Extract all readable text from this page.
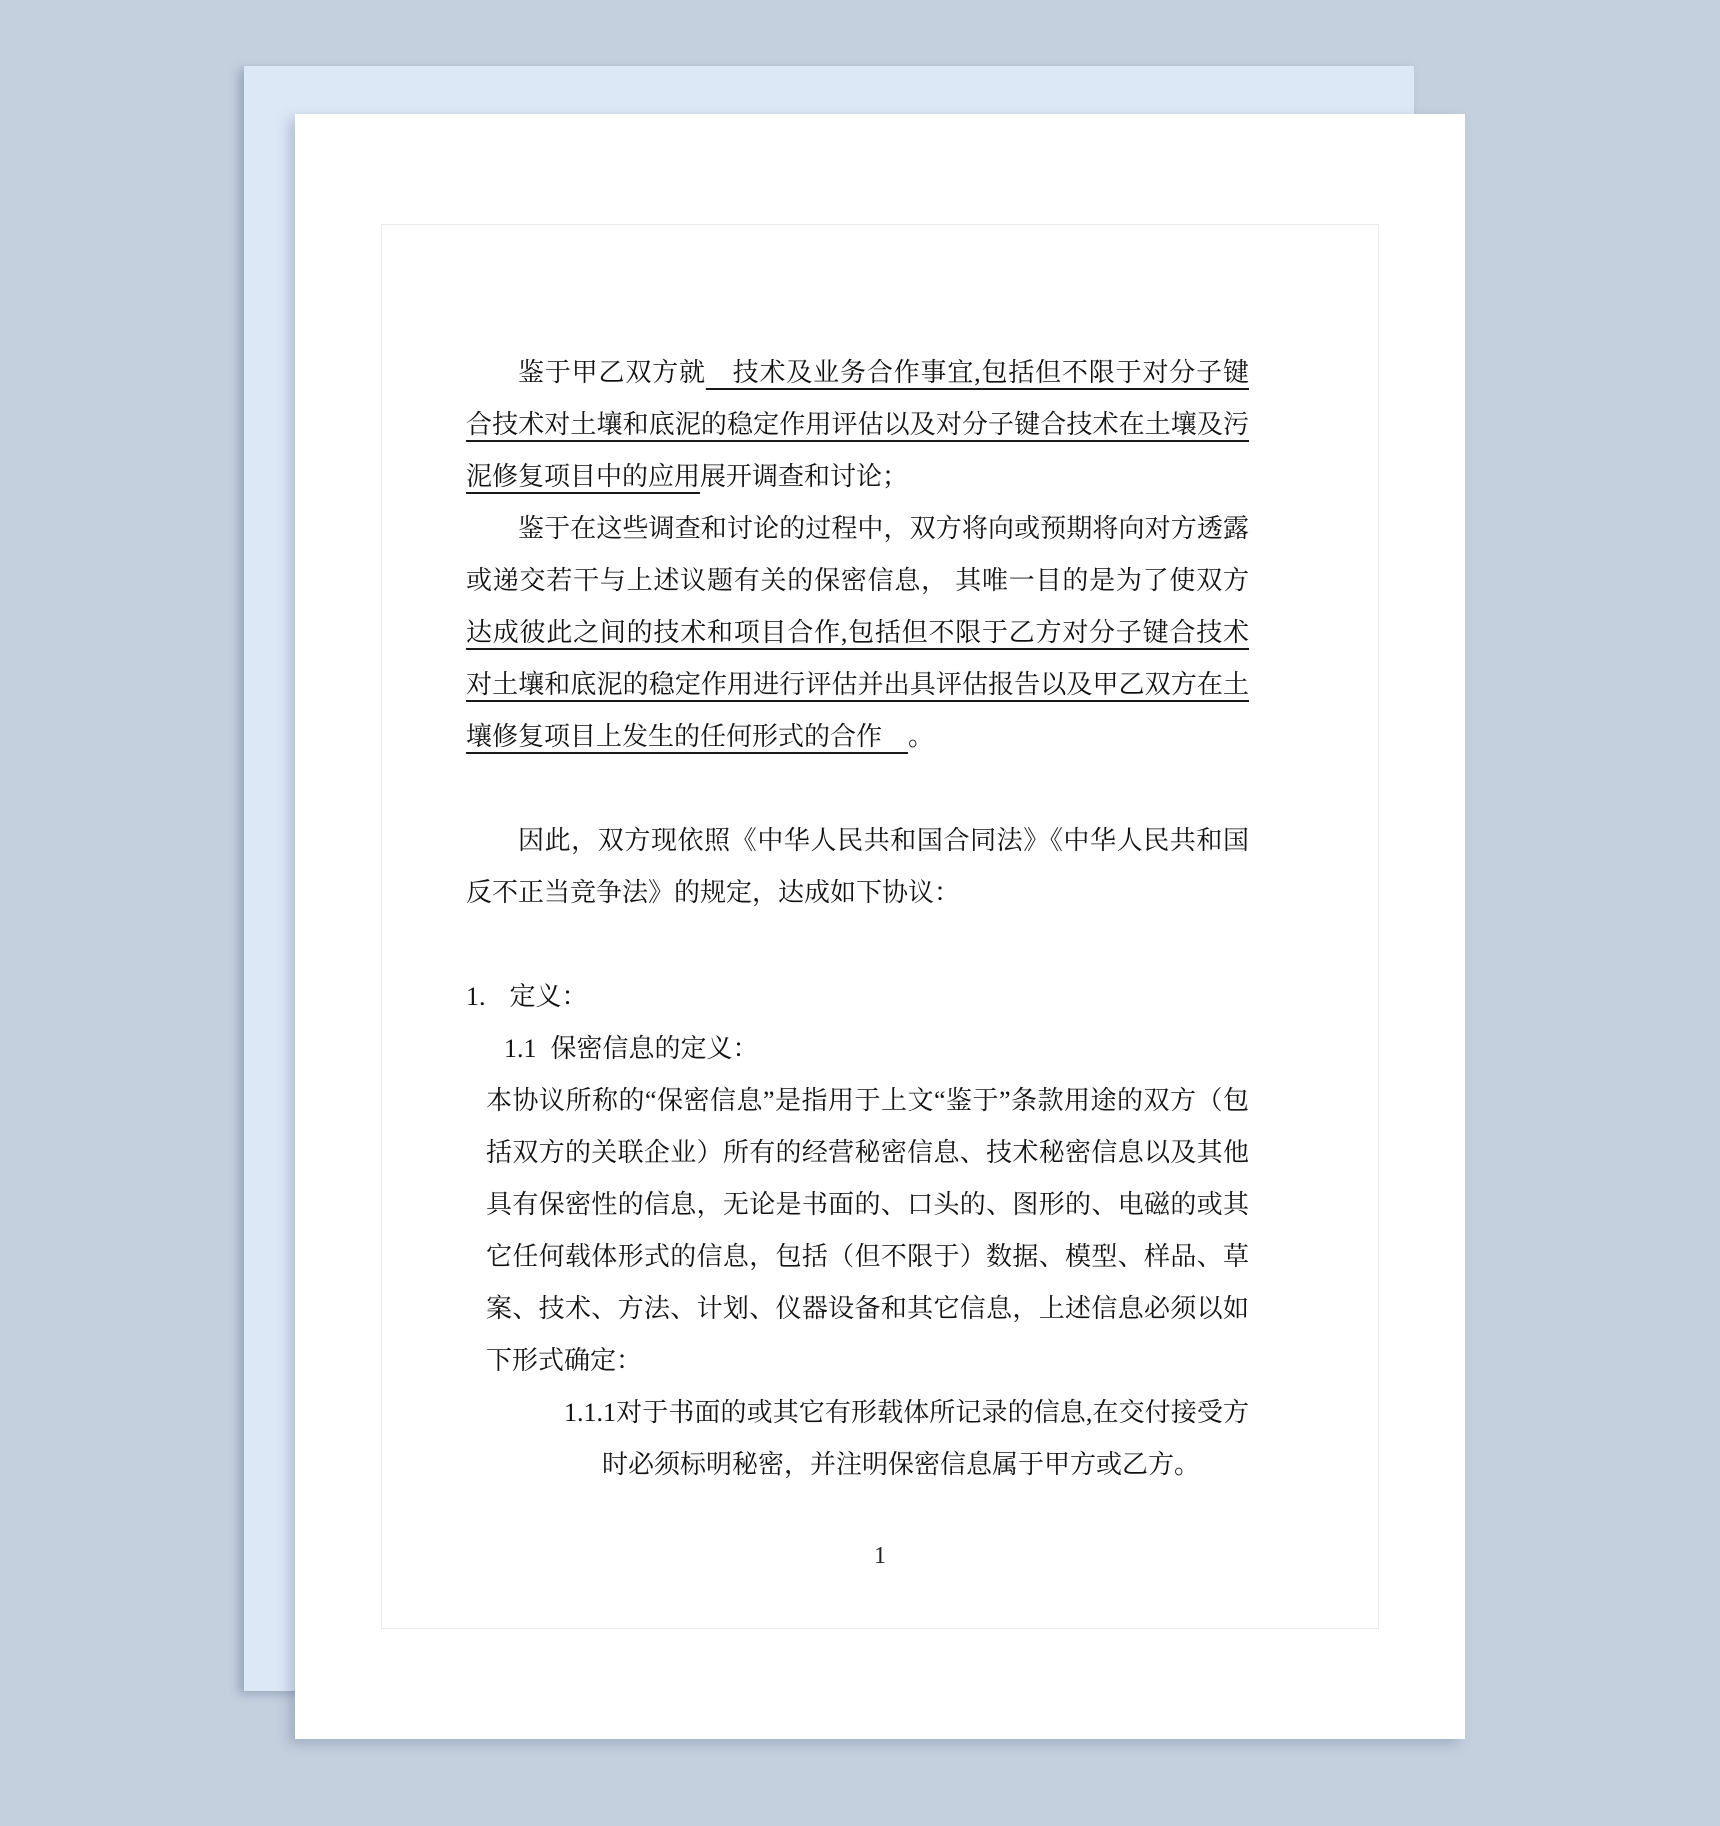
鉴于甲乙双方就　技术及业务合作事宜,包括但不限于对分子键合技术对土壤和底泥的稳定作用评估以及对分子键合技术在土壤及污泥修复项目中的应用展开调查和讨论；

鉴于在这些调查和讨论的过程中，双方将向或预期将向对方透露或递交若干与上述议题有关的保密信息， 其唯一目的是为了使双方达成彼此之间的技术和项目合作,包括但不限于乙方对分子键合技术对土壤和底泥的稳定作用进行评估并出具评估报告以及甲乙双方在土壤修复项目上发生的任何形式的合作　。

因此，双方现依照《中华人民共和国合同法》《中华人民共和国反不正当竞争法》的规定，达成如下协议：

1. 定义：

1.1 保密信息的定义：

本协议所称的“保密信息”是指用于上文“鉴于”条款用途的双方（包括双方的关联企业）所有的经营秘密信息、技术秘密信息以及其他具有保密性的信息，无论是书面的、口头的、图形的、电磁的或其它任何载体形式的信息，包括（但不限于）数据、模型、样品、草案、技术、方法、计划、仪器设备和其它信息，上述信息必须以如下形式确定：

1.1.1对于书面的或其它有形载体所记录的信息,在交付接受方时必须标明秘密，并注明保密信息属于甲方或乙方。

1
